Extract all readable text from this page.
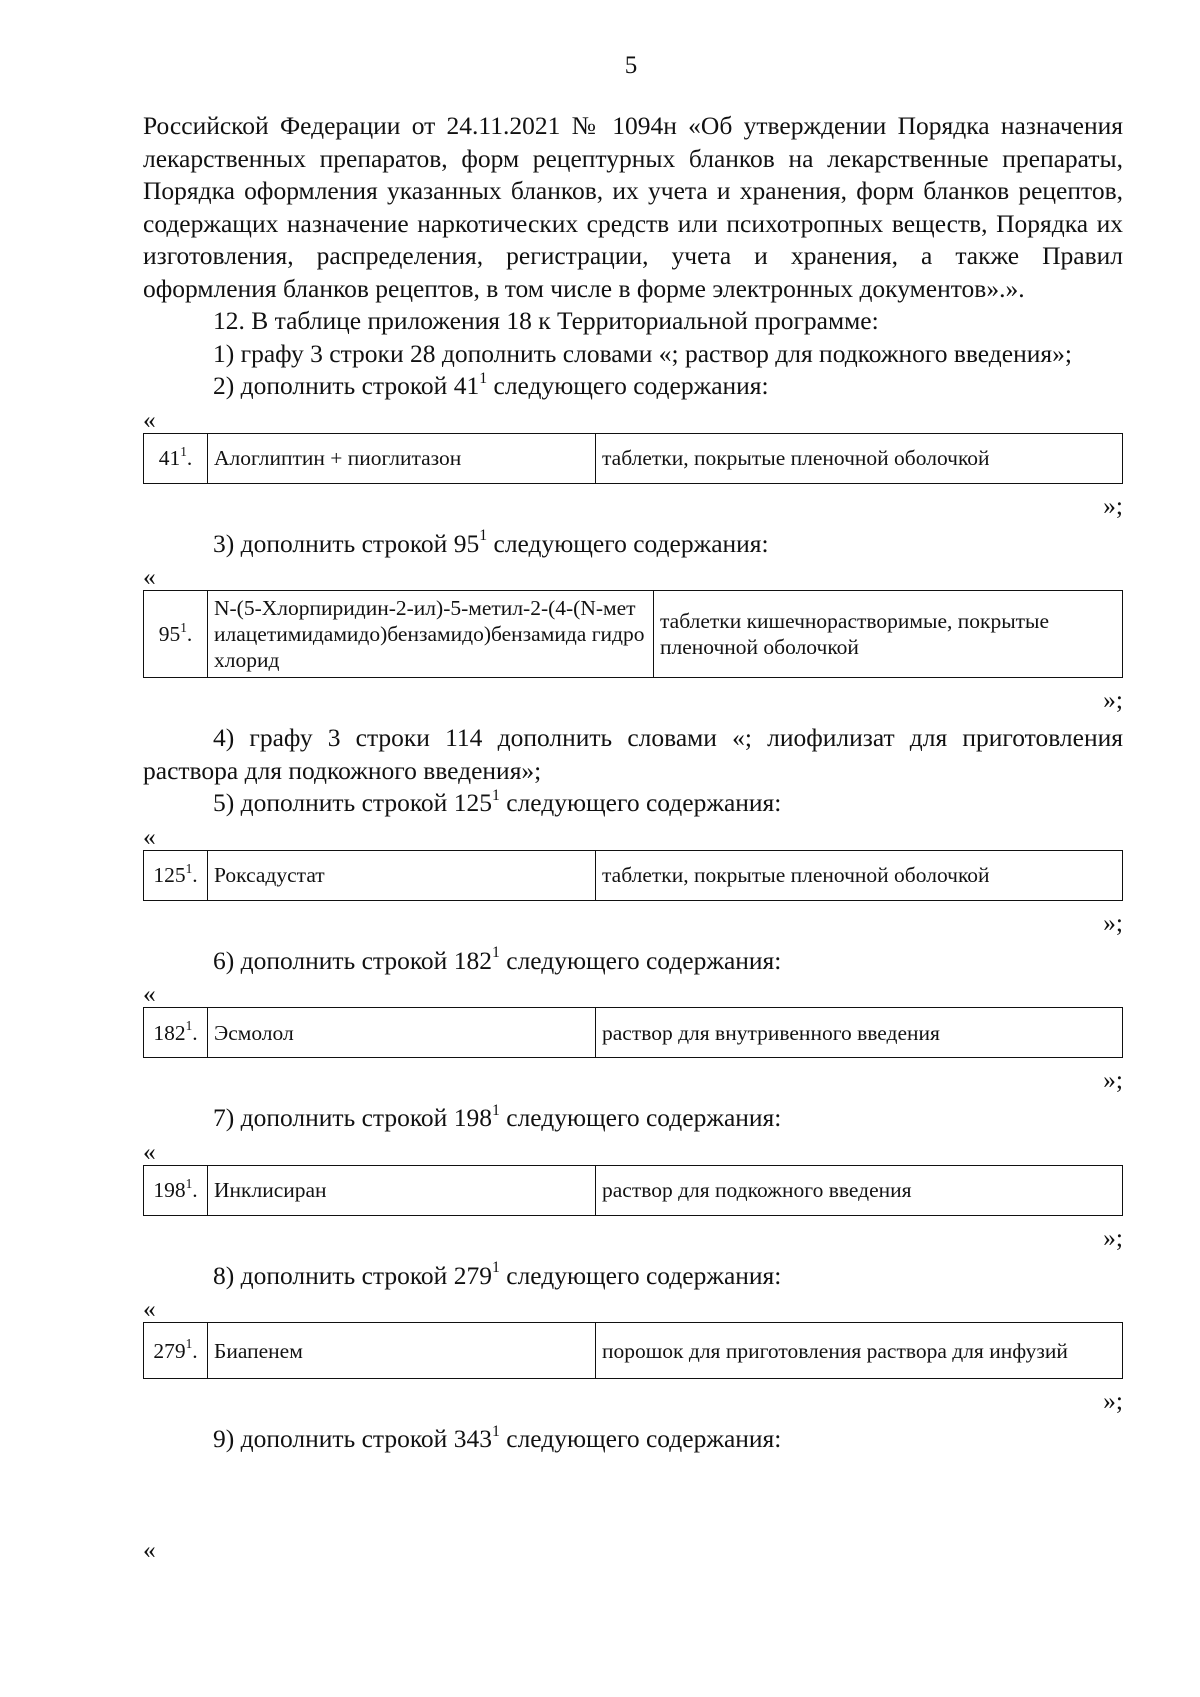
5

Российской Федерации от 24.11.2021 № 1094н «Об утверждении Порядка назначения лекарственных препаратов, форм рецептурных бланков на лекарственные препараты, Порядка оформления указанных бланков, их учета и хранения, форм бланков рецептов, содержащих назначение наркотических средств или психотропных веществ, Порядка их изготовления, распределения, регистрации, учета и хранения, а также Правил оформления бланков рецептов, в том числе в форме электронных документов».».

12. В таблице приложения 18 к Территориальной программе:

1) графу 3 строки 28 дополнить словами «; раствор для подкожного введения»;

2) дополнить строкой $41^1$ следующего содержания:

«
$41^1$.	Алоглиптин + пиоглитазон	таблетки, покрытые пленочной оболочкой
»;

3) дополнить строкой $95^1$ следующего содержания:

«
$95^1$.	N-(5-Хлорпиридин-2-ил)-5-метил-2-(4-(N-метилацетимидамидо)бензамидо)бензамида гидрохлорид	таблетки кишечнорастворимые, покрытые пленочной оболочкой
»;

4) графу 3 строки 114 дополнить словами «; лиофилизат для приготовления раствора для подкожного введения»;

5) дополнить строкой $125^1$ следующего содержания:

«
$125^1$.	Роксадустат	таблетки, покрытые пленочной оболочкой
»;

6) дополнить строкой $182^1$ следующего содержания:

«
$182^1$.	Эсмолол	раствор для внутривенного введения
»;

7) дополнить строкой $198^1$ следующего содержания:

«
$198^1$.	Инклисиран	раствор для подкожного введения
»;

8) дополнить строкой $279^1$ следующего содержания:

«
$279^1$.	Биапенем	порошок для приготовления раствора для инфузий
»;

9) дополнить строкой $343^1$ следующего содержания:

«
